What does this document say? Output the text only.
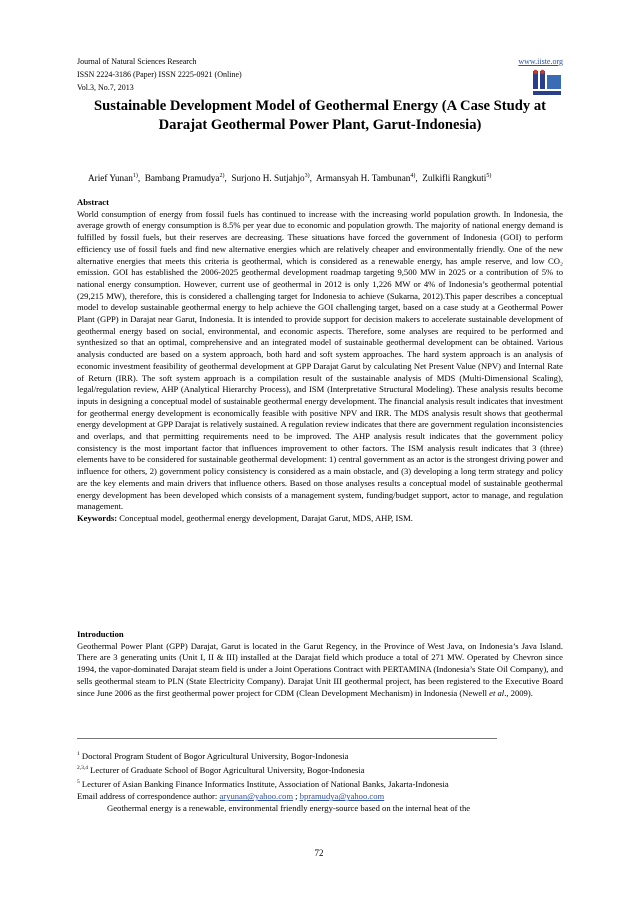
Journal of Natural Sciences Research
ISSN 2224-3186 (Paper) ISSN 2225-0921 (Online)
Vol.3, No.7, 2013
www.iiste.org
Sustainable Development Model of Geothermal Energy (A Case Study at Darajat Geothermal Power Plant, Garut-Indonesia)
Arief Yunan$^{1)}$,  Bambang Pramudya$^{2)}$,  Surjono H. Sutjahjo$^{3)}$,  Armansyah H. Tambunan$^{4)}$,  Zulkifli Rangkuti$^{5)}$
Abstract
World consumption of energy from fossil fuels has continued to increase with the increasing world population growth. In Indonesia, the average growth of energy consumption is 8.5% per year due to economic and population growth. The majority of national energy demand is fulfilled by fossil fuels, but their reserves are decreasing. These situations have forced the government of Indonesia (GOI) to perform efficiency use of fossil fuels and find new alternative energies which are relatively cheaper and environmentally friendly. One of the new alternative energies that meets this criteria is geothermal, which is considered as a renewable energy, has ample reserve, and low CO₂ emission. GOI has established the 2006-2025 geothermal development roadmap targeting 9,500 MW in 2025 or a contribution of 5% to national energy consumption. However, current use of geothermal in 2012 is only 1,226 MW or 4% of Indonesia’s geothermal potential (29,215 MW), therefore, this is considered a challenging target for Indonesia to achieve (Sukarna, 2012).This paper describes a conceptual model to develop sustainable geothermal energy to help achieve the GOI challenging target, based on a case study at a Geothermal Power Plant (GPP) in Darajat near Garut, Indonesia. It is intended to provide support for decision makers to accelerate sustainable development of geothermal energy based on social, environmental, and economic aspects. Therefore, some analyses are required to be performed and synthesized so that an optimal, comprehensive and an integrated model of sustainable geothermal development can be obtained. Various analysis conducted are based on a system approach, both hard and soft system approaches. The hard system approach is an analysis of economic investment feasibility of geothermal development at GPP Darajat Garut by calculating Net Present Value (NPV) and Internal Rate of Return (IRR). The soft system approach is a compilation result of the sustainable analysis of MDS (Multi-Dimensional Scaling), legal/regulation review, AHP (Analytical Hierarchy Process), and ISM (Interpretative Structural Modeling). These analysis results become inputs in designing a conceptual model of sustainable geothermal energy development. The financial analysis result indicates that investment for geothermal energy development is economically feasible with positive NPV and IRR. The MDS analysis result shows that geothermal energy development at GPP Darajat is relatively sustained. A regulation review indicates that there are government regulation inconsistencies and overlaps, and that permitting requirements need to be improved. The AHP analysis result indicates that the government policy consistency is the most important factor that influences improvement to other factors. The ISM analysis result indicates that 3 (three) elements have to be considered for sustainable geothermal development: 1) central government as an actor is the strongest driving power and influence for others, 2) government policy consistency is considered as a main obstacle, and (3) developing a long term strategy and policy are the key elements and main drivers that influence others. Based on those analyses results a conceptual model of sustainable geothermal energy development has been developed which consists of a management system, funding/budget support, actor to manage, and regulation management.
Keywords: Conceptual model, geothermal energy development, Darajat Garut, MDS, AHP, ISM.
Introduction
Geothermal Power Plant (GPP) Darajat, Garut is located in the Garut Regency, in the Province of West Java, on Indonesia’s Java Island. There are 3 generating units (Unit I, II & III) installed at the Darajat field which produce a total of 271 MW. Operated by Chevron since 1994, the vapor-dominated Darajat steam field is under a Joint Operations Contract with PERTAMINA (Indonesia’s State Oil Company), and sells geothermal steam to PLN (State Electricity Company). Darajat Unit III geothermal project, has been registered to the Executive Board since June 2006 as the first geothermal power project for CDM (Clean Development Mechanism) in Indonesia (Newell et al., 2009).
$^1$ Doctoral Program Student of Bogor Agricultural University, Bogor-Indonesia
$^{2,3,4}$ Lecturer of Graduate School of Bogor Agricultural University, Bogor-Indonesia
$^5$ Lecturer of Asian Banking Finance Informatics Institute, Association of National Banks, Jakarta-Indonesia
Email address of correspondence author: aryunan@yahoo.com ; bpramudya@yahoo.com
Geothermal energy is a renewable, environmental friendly energy-source based on the internal heat of the
72
